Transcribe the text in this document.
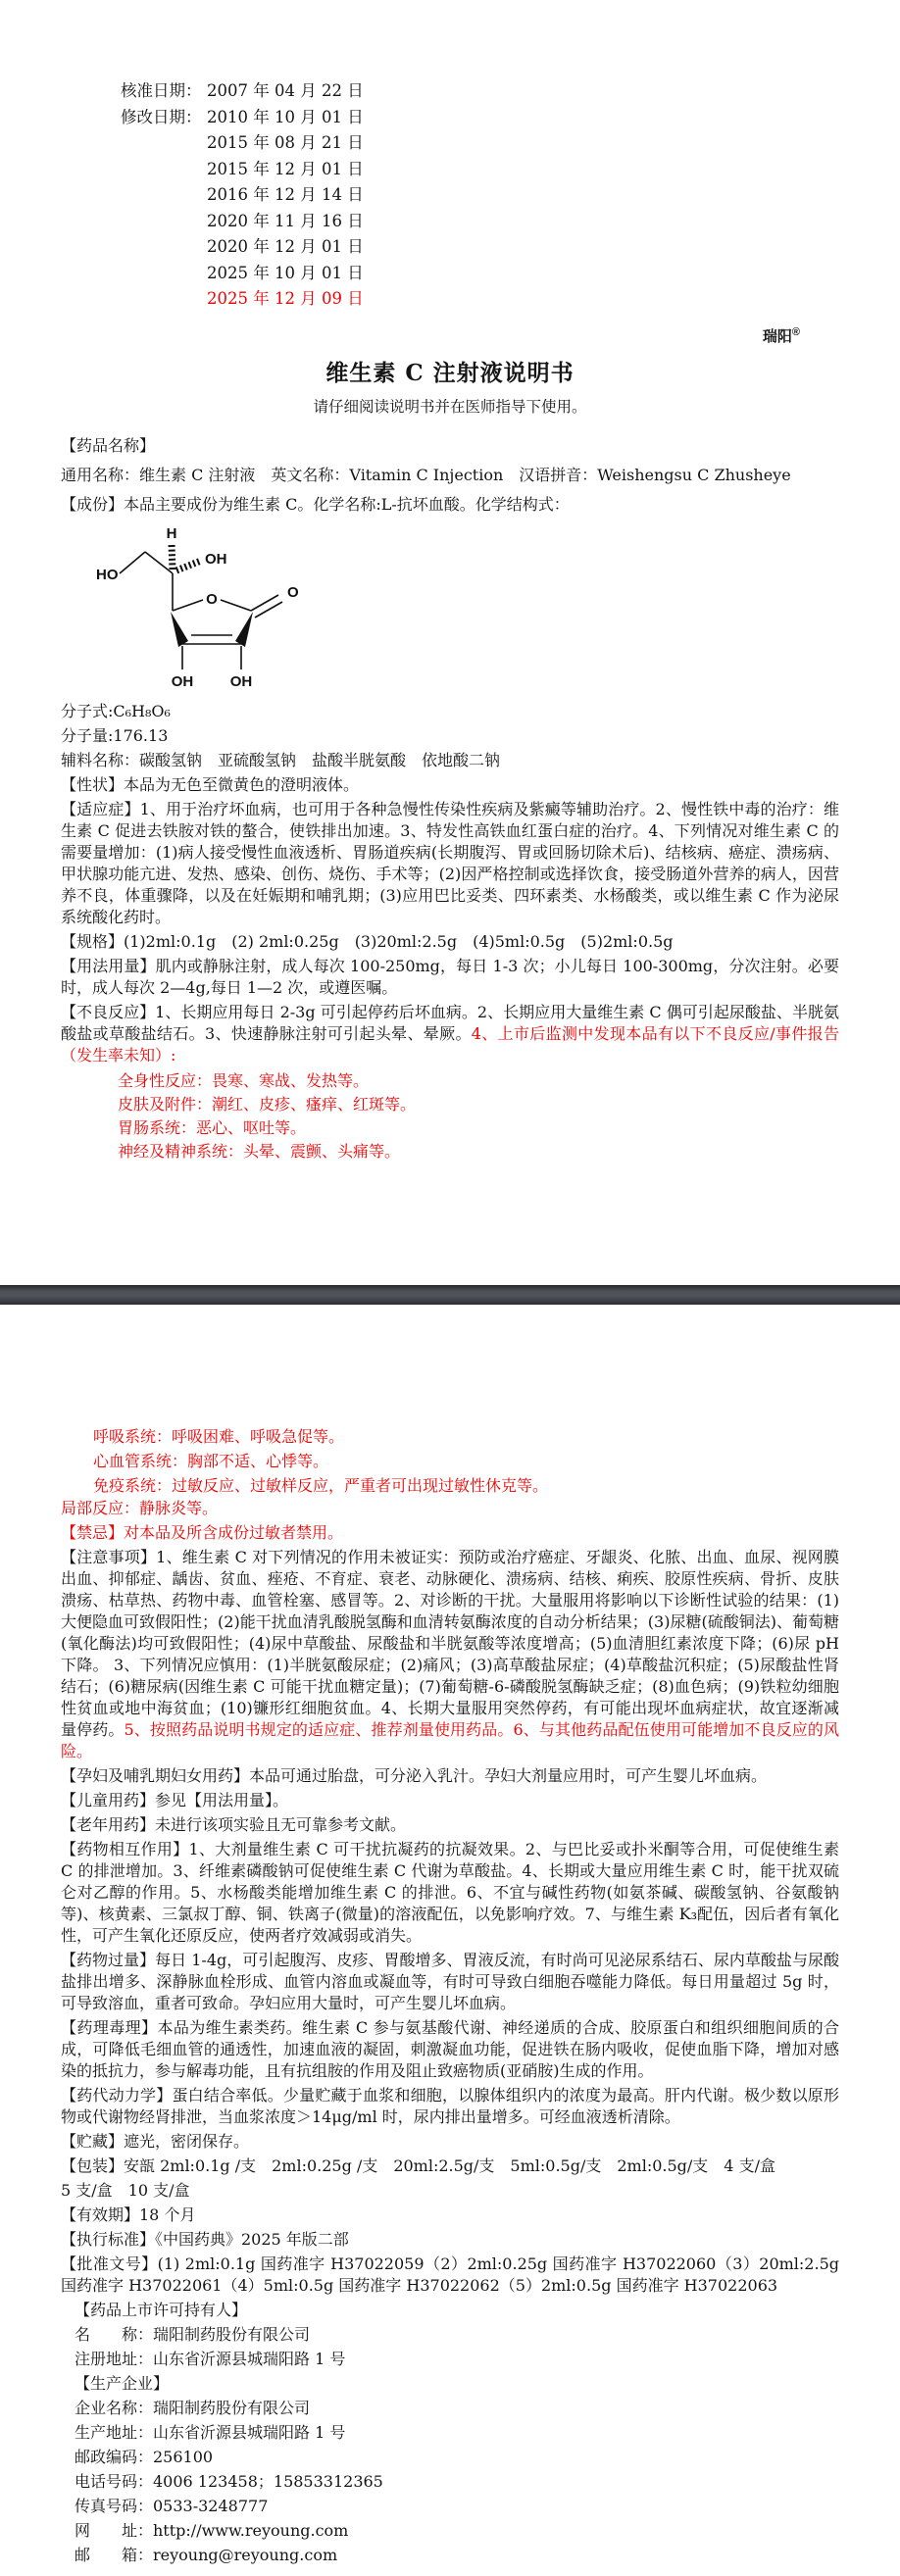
核准日期： 2007 年 04 月 22 日
修改日期： 2010 年 10 月 01 日
2015 年 08 月 21 日
2015 年 12 月 01 日
2016 年 12 月 14 日
2020 年 11 月 16 日
2020 年 12 月 01 日
2025 年 10 月 01 日
2025 年 12 月 09 日
瑞阳®
维生素 C 注射液说明书
请仔细阅读说明书并在医师指导下使用。

【药品名称】

通用名称：维生素 C 注射液　英文名称：Vitamin C Injection　汉语拼音：Weishengsu C Zhusheye

【成份】本品主要成份为维生素 C。化学名称:L-抗坏血酸。化学结构式：

HO
H
OH
O	O
OH	OH

分子式:C₆H₈O₆

分子量:176.13

辅料名称：碳酸氢钠　亚硫酸氢钠　盐酸半胱氨酸　依地酸二钠

【性状】本品为无色至微黄色的澄明液体。

【适应症】1、用于治疗坏血病，也可用于各种急慢性传染性疾病及紫癜等辅助治疗。2、慢性铁中毒的治疗：维生素 C 促进去铁胺对铁的螯合，使铁排出加速。3、特发性高铁血红蛋白症的治疗。4、下列情况对维生素 C 的需要量增加：(1)病人接受慢性血液透析、胃肠道疾病(长期腹泻、胃或回肠切除术后)、结核病、癌症、溃疡病、甲状腺功能亢进、发热、感染、创伤、烧伤、手术等；(2)因严格控制或选择饮食，接受肠道外营养的病人，因营养不良，体重骤降，以及在妊娠期和哺乳期；(3)应用巴比妥类、四环素类、水杨酸类，或以维生素 C 作为泌尿系统酸化药时。

【规格】(1)2ml:0.1g　(2) 2ml:0.25g　(3)20ml:2.5g　(4)5ml:0.5g　(5)2ml:0.5g

【用法用量】肌内或静脉注射，成人每次 100-250mg，每日 1-3 次；小儿每日 100-300mg，分次注射。必要时，成人每次 2—4g,每日 1—2 次，或遵医嘱。

【不良反应】1、长期应用每日 2-3g 可引起停药后坏血病。2、长期应用大量维生素 C 偶可引起尿酸盐、半胱氨酸盐或草酸盐结石。3、快速静脉注射可引起头晕、晕厥。4、上市后监测中发现本品有以下不良反应/事件报告（发生率未知）:

全身性反应：畏寒、寒战、发热等。
皮肤及附件：潮红、皮疹、瘙痒、红斑等。
胃肠系统：恶心、呕吐等。
神经及精神系统：头晕、震颤、头痛等。
呼吸系统：呼吸困难、呼吸急促等。
心血管系统：胸部不适、心悸等。
免疫系统：过敏反应、过敏样反应，严重者可出现过敏性休克等。

局部反应：静脉炎等。

【禁忌】对本品及所含成份过敏者禁用。

【注意事项】1、维生素 C 对下列情况的作用未被证实：预防或治疗癌症、牙龈炎、化脓、出血、血尿、视网膜出血、抑郁症、龋齿、贫血、痤疮、不育症、衰老、动脉硬化、溃疡病、结核、痢疾、胶原性疾病、骨折、皮肤溃疡、枯草热、药物中毒、血管栓塞、感冒等。2、对诊断的干扰。大量服用将影响以下诊断性试验的结果：(1)大便隐血可致假阳性；(2)能干扰血清乳酸脱氢酶和血清转氨酶浓度的自动分析结果；(3)尿糖(硫酸铜法)、葡萄糖(氧化酶法)均可致假阳性；(4)尿中草酸盐、尿酸盐和半胱氨酸等浓度增高；(5)血清胆红素浓度下降；(6)尿 pH 下降。 3、下列情况应慎用：(1)半胱氨酸尿症；(2)痛风；(3)高草酸盐尿症；(4)草酸盐沉积症；(5)尿酸盐性肾结石；(6)糖尿病(因维生素 C 可能干扰血糖定量)；(7)葡萄糖-6-磷酸脱氢酶缺乏症；(8)血色病；(9)铁粒幼细胞性贫血或地中海贫血；(10)镰形红细胞贫血。4、长期大量服用突然停药，有可能出现坏血病症状，故宜逐渐减量停药。5、按照药品说明书规定的适应症、推荐剂量使用药品。6、与其他药品配伍使用可能增加不良反应的风险。

【孕妇及哺乳期妇女用药】本品可通过胎盘，可分泌入乳汁。孕妇大剂量应用时，可产生婴儿坏血病。

【儿童用药】参见【用法用量】。

【老年用药】未进行该项实验且无可靠参考文献。

【药物相互作用】1、大剂量维生素 C 可干扰抗凝药的抗凝效果。2、与巴比妥或扑米酮等合用，可促使维生素 C 的排泄增加。3、纤维素磷酸钠可促使维生素 C 代谢为草酸盐。4、长期或大量应用维生素 C 时，能干扰双硫仑对乙醇的作用。5、水杨酸类能增加维生素 C 的排泄。6、不宜与碱性药物(如氨茶碱、碳酸氢钠、谷氨酸钠等)、核黄素、三氯叔丁醇、铜、铁离子(微量)的溶液配伍，以免影响疗效。7、与维生素 K₃配伍，因后者有氧化性，可产生氧化还原反应，使两者疗效减弱或消失。

【药物过量】每日 1-4g，可引起腹泻、皮疹、胃酸增多、胃液反流，有时尚可见泌尿系结石、尿内草酸盐与尿酸盐排出增多、深静脉血栓形成、血管内溶血或凝血等，有时可导致白细胞吞噬能力降低。每日用量超过 5g 时，可导致溶血，重者可致命。孕妇应用大量时，可产生婴儿坏血病。

【药理毒理】本品为维生素类药。维生素 C 参与氨基酸代谢、神经递质的合成、胶原蛋白和组织细胞间质的合成，可降低毛细血管的通透性，加速血液的凝固，刺激凝血功能，促进铁在肠内吸收，促使血脂下降，增加对感染的抵抗力，参与解毒功能，且有抗组胺的作用及阻止致癌物质(亚硝胺)生成的作用。

【药代动力学】蛋白结合率低。少量贮藏于血浆和细胞，以腺体组织内的浓度为最高。肝内代谢。极少数以原形物或代谢物经肾排泄，当血浆浓度＞14μg/ml 时，尿内排出量增多。可经血液透析清除。

【贮藏】遮光，密闭保存。

【包装】安瓿 2ml:0.1g /支　2ml:0.25g /支　20ml:2.5g/支　5ml:0.5g/支　2ml:0.5g/支　4 支/盒

5 支/盒　10 支/盒

【有效期】18 个月

【执行标准】《中国药典》2025 年版二部

【批准文号】(1) 2ml:0.1g 国药准字 H37022059（2）2ml:0.25g 国药准字 H37022060（3）20ml:2.5g 国药准字 H37022061（4）5ml:0.5g 国药准字 H37022062（5）2ml:0.5g 国药准字 H37022063

【药品上市许可持有人】

名　　称：瑞阳制药股份有限公司

注册地址：山东省沂源县城瑞阳路 1 号

【生产企业】

企业名称：瑞阳制药股份有限公司

生产地址：山东省沂源县城瑞阳路 1 号

邮政编码：256100

电话号码：4006 123458；15853312365

传真号码：0533-3248777

网　　址：http://www.reyoung.com

邮　　箱：reyoung@reyoung.com
